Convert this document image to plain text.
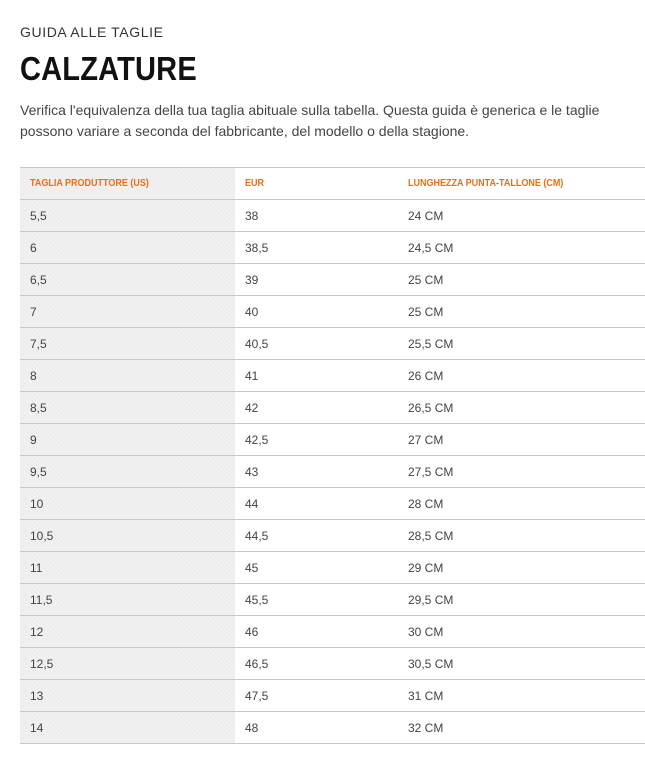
GUIDA ALLE TAGLIE
CALZATURE
Verifica l'equivalenza della tua taglia abituale sulla tabella. Questa guida è generica e le taglie possono variare a seconda del fabbricante, del modello o della stagione.
TAGLIA PRODUTTORE (US)	EUR	LUNGHEZZA PUNTA-TALLONE (CM)
5,5	38	24 CM
6	38,5	24,5 CM
6,5	39	25 CM
7	40	25 CM
7,5	40,5	25,5 CM
8	41	26 CM
8,5	42	26,5 CM
9	42,5	27 CM
9,5	43	27,5 CM
10	44	28 CM
10,5	44,5	28,5 CM
11	45	29 CM
11,5	45,5	29,5 CM
12	46	30 CM
12,5	46,5	30,5 CM
13	47,5	31 CM
14	48	32 CM
